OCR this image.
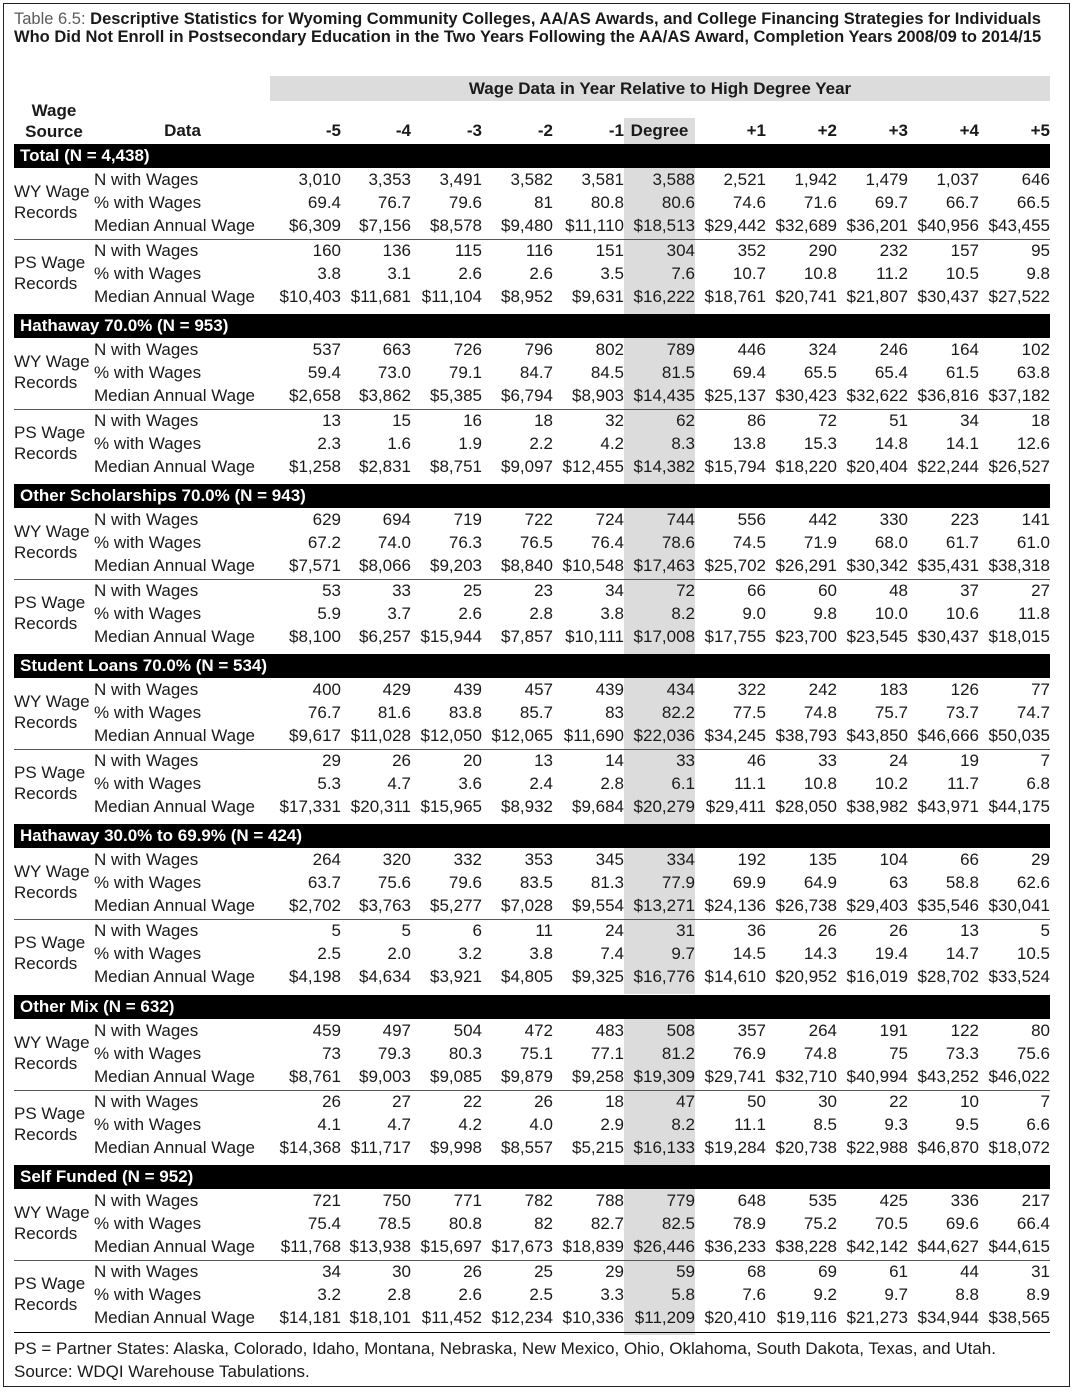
Table 6.5: Descriptive Statistics for Wyoming Community Colleges, AA/AS Awards, and College Financing Strategies for Individuals Who Did Not Enroll in Postsecondary Education in the Two Years Following the AA/AS Award, Completion Years 2008/09 to 2014/15
Wage Data in Year Relative to High Degree Year
Wage Source	Data	-5	-4	-3	-2	-1 Degree	+1	+2	+3	+4	+5
Total (N = 4,438)
WY Wage Records
N with Wages	3,010	3,353	3,491	3,582	3,581	3,588	2,521	1,942	1,479	1,037	646
% with Wages	69.4	76.7	79.6	81	80.8	80.6	74.6	71.6	69.7	66.7	66.5
Median Annual Wage	$6,309	$7,156	$8,578	$9,480 $11,110 $18,513 $29,442 $32,689 $36,201 $40,956 $43,455
PS Wage Records
N with Wages	160	136	115	116	151	304	352	290	232	157	95
% with Wages	3.8	3.1	2.6	2.6	3.5	7.6	10.7	10.8	11.2	10.5	9.8
Median Annual Wage	$10,403 $11,681 $11,104	$8,952	$9,631 $16,222 $18,761 $20,741 $21,807 $30,437 $27,522
Hathaway 70.0% (N = 953)
WY Wage Records
N with Wages	537	663	726	796	802	789	446	324	246	164	102
% with Wages	59.4	73.0	79.1	84.7	84.5	81.5	69.4	65.5	65.4	61.5	63.8
Median Annual Wage	$2,658	$3,862	$5,385	$6,794	$8,903 $14,435 $25,137 $30,423 $32,622 $36,816 $37,182
PS Wage Records
N with Wages	13	15	16	18	32	62	86	72	51	34	18
% with Wages	2.3	1.6	1.9	2.2	4.2	8.3	13.8	15.3	14.8	14.1	12.6
Median Annual Wage	$1,258	$2,831	$8,751	$9,097 $12,455 $14,382 $15,794 $18,220 $20,404 $22,244 $26,527
Other Scholarships 70.0% (N = 943)
WY Wage Records
N with Wages	629	694	719	722	724	744	556	442	330	223	141
% with Wages	67.2	74.0	76.3	76.5	76.4	78.6	74.5	71.9	68.0	61.7	61.0
Median Annual Wage	$7,571	$8,066	$9,203	$8,840 $10,548 $17,463 $25,702 $26,291 $30,342 $35,431 $38,318
PS Wage Records
N with Wages	53	33	25	23	34	72	66	60	48	37	27
% with Wages	5.9	3.7	2.6	2.8	3.8	8.2	9.0	9.8	10.0	10.6	11.8
Median Annual Wage	$8,100	$6,257 $15,944	$7,857 $10,111 $17,008 $17,755 $23,700 $23,545 $30,437 $18,015
Student Loans 70.0% (N = 534)
WY Wage Records
N with Wages	400	429	439	457	439	434	322	242	183	126	77
% with Wages	76.7	81.6	83.8	85.7	83	82.2	77.5	74.8	75.7	73.7	74.7
Median Annual Wage	$9,617 $11,028 $12,050 $12,065 $11,690 $22,036 $34,245 $38,793 $43,850 $46,666 $50,035
PS Wage Records
N with Wages	29	26	20	13	14	33	46	33	24	19	7
% with Wages	5.3	4.7	3.6	2.4	2.8	6.1	11.1	10.8	10.2	11.7	6.8
Median Annual Wage	$17,331 $20,311 $15,965	$8,932	$9,684 $20,279 $29,411 $28,050 $38,982 $43,971 $44,175
Hathaway 30.0% to 69.9% (N = 424)
WY Wage Records
N with Wages	264	320	332	353	345	334	192	135	104	66	29
% with Wages	63.7	75.6	79.6	83.5	81.3	77.9	69.9	64.9	63	58.8	62.6
Median Annual Wage	$2,702	$3,763	$5,277	$7,028	$9,554 $13,271 $24,136 $26,738 $29,403 $35,546 $30,041
PS Wage Records
N with Wages	5	5	6	11	24	31	36	26	26	13	5
% with Wages	2.5	2.0	3.2	3.8	7.4	9.7	14.5	14.3	19.4	14.7	10.5
Median Annual Wage	$4,198	$4,634	$3,921	$4,805	$9,325 $16,776 $14,610 $20,952 $16,019 $28,702 $33,524
Other Mix (N = 632)
WY Wage Records
N with Wages	459	497	504	472	483	508	357	264	191	122	80
% with Wages	73	79.3	80.3	75.1	77.1	81.2	76.9	74.8	75	73.3	75.6
Median Annual Wage	$8,761	$9,003	$9,085	$9,879	$9,258 $19,309 $29,741 $32,710 $40,994 $43,252 $46,022
PS Wage Records
N with Wages	26	27	22	26	18	47	50	30	22	10	7
% with Wages	4.1	4.7	4.2	4.0	2.9	8.2	11.1	8.5	9.3	9.5	6.6
Median Annual Wage	$14,368 $11,717	$9,998	$8,557	$5,215 $16,133 $19,284 $20,738 $22,988 $46,870 $18,072
Self Funded (N = 952)
WY Wage Records
N with Wages	721	750	771	782	788	779	648	535	425	336	217
% with Wages	75.4	78.5	80.8	82	82.7	82.5	78.9	75.2	70.5	69.6	66.4
Median Annual Wage	$11,768 $13,938 $15,697 $17,673 $18,839 $26,446 $36,233 $38,228 $42,142 $44,627 $44,615
PS Wage Records
N with Wages	34	30	26	25	29	59	68	69	61	44	31
% with Wages	3.2	2.8	2.6	2.5	3.3	5.8	7.6	9.2	9.7	8.8	8.9
Median Annual Wage	$14,181 $18,101 $11,452 $12,234 $10,336 $11,209 $20,410 $19,116 $21,273 $34,944 $38,565
PS = Partner States: Alaska, Colorado, Idaho, Montana, Nebraska, New Mexico, Ohio, Oklahoma, South Dakota, Texas, and Utah.
Source: WDQI Warehouse Tabulations.
